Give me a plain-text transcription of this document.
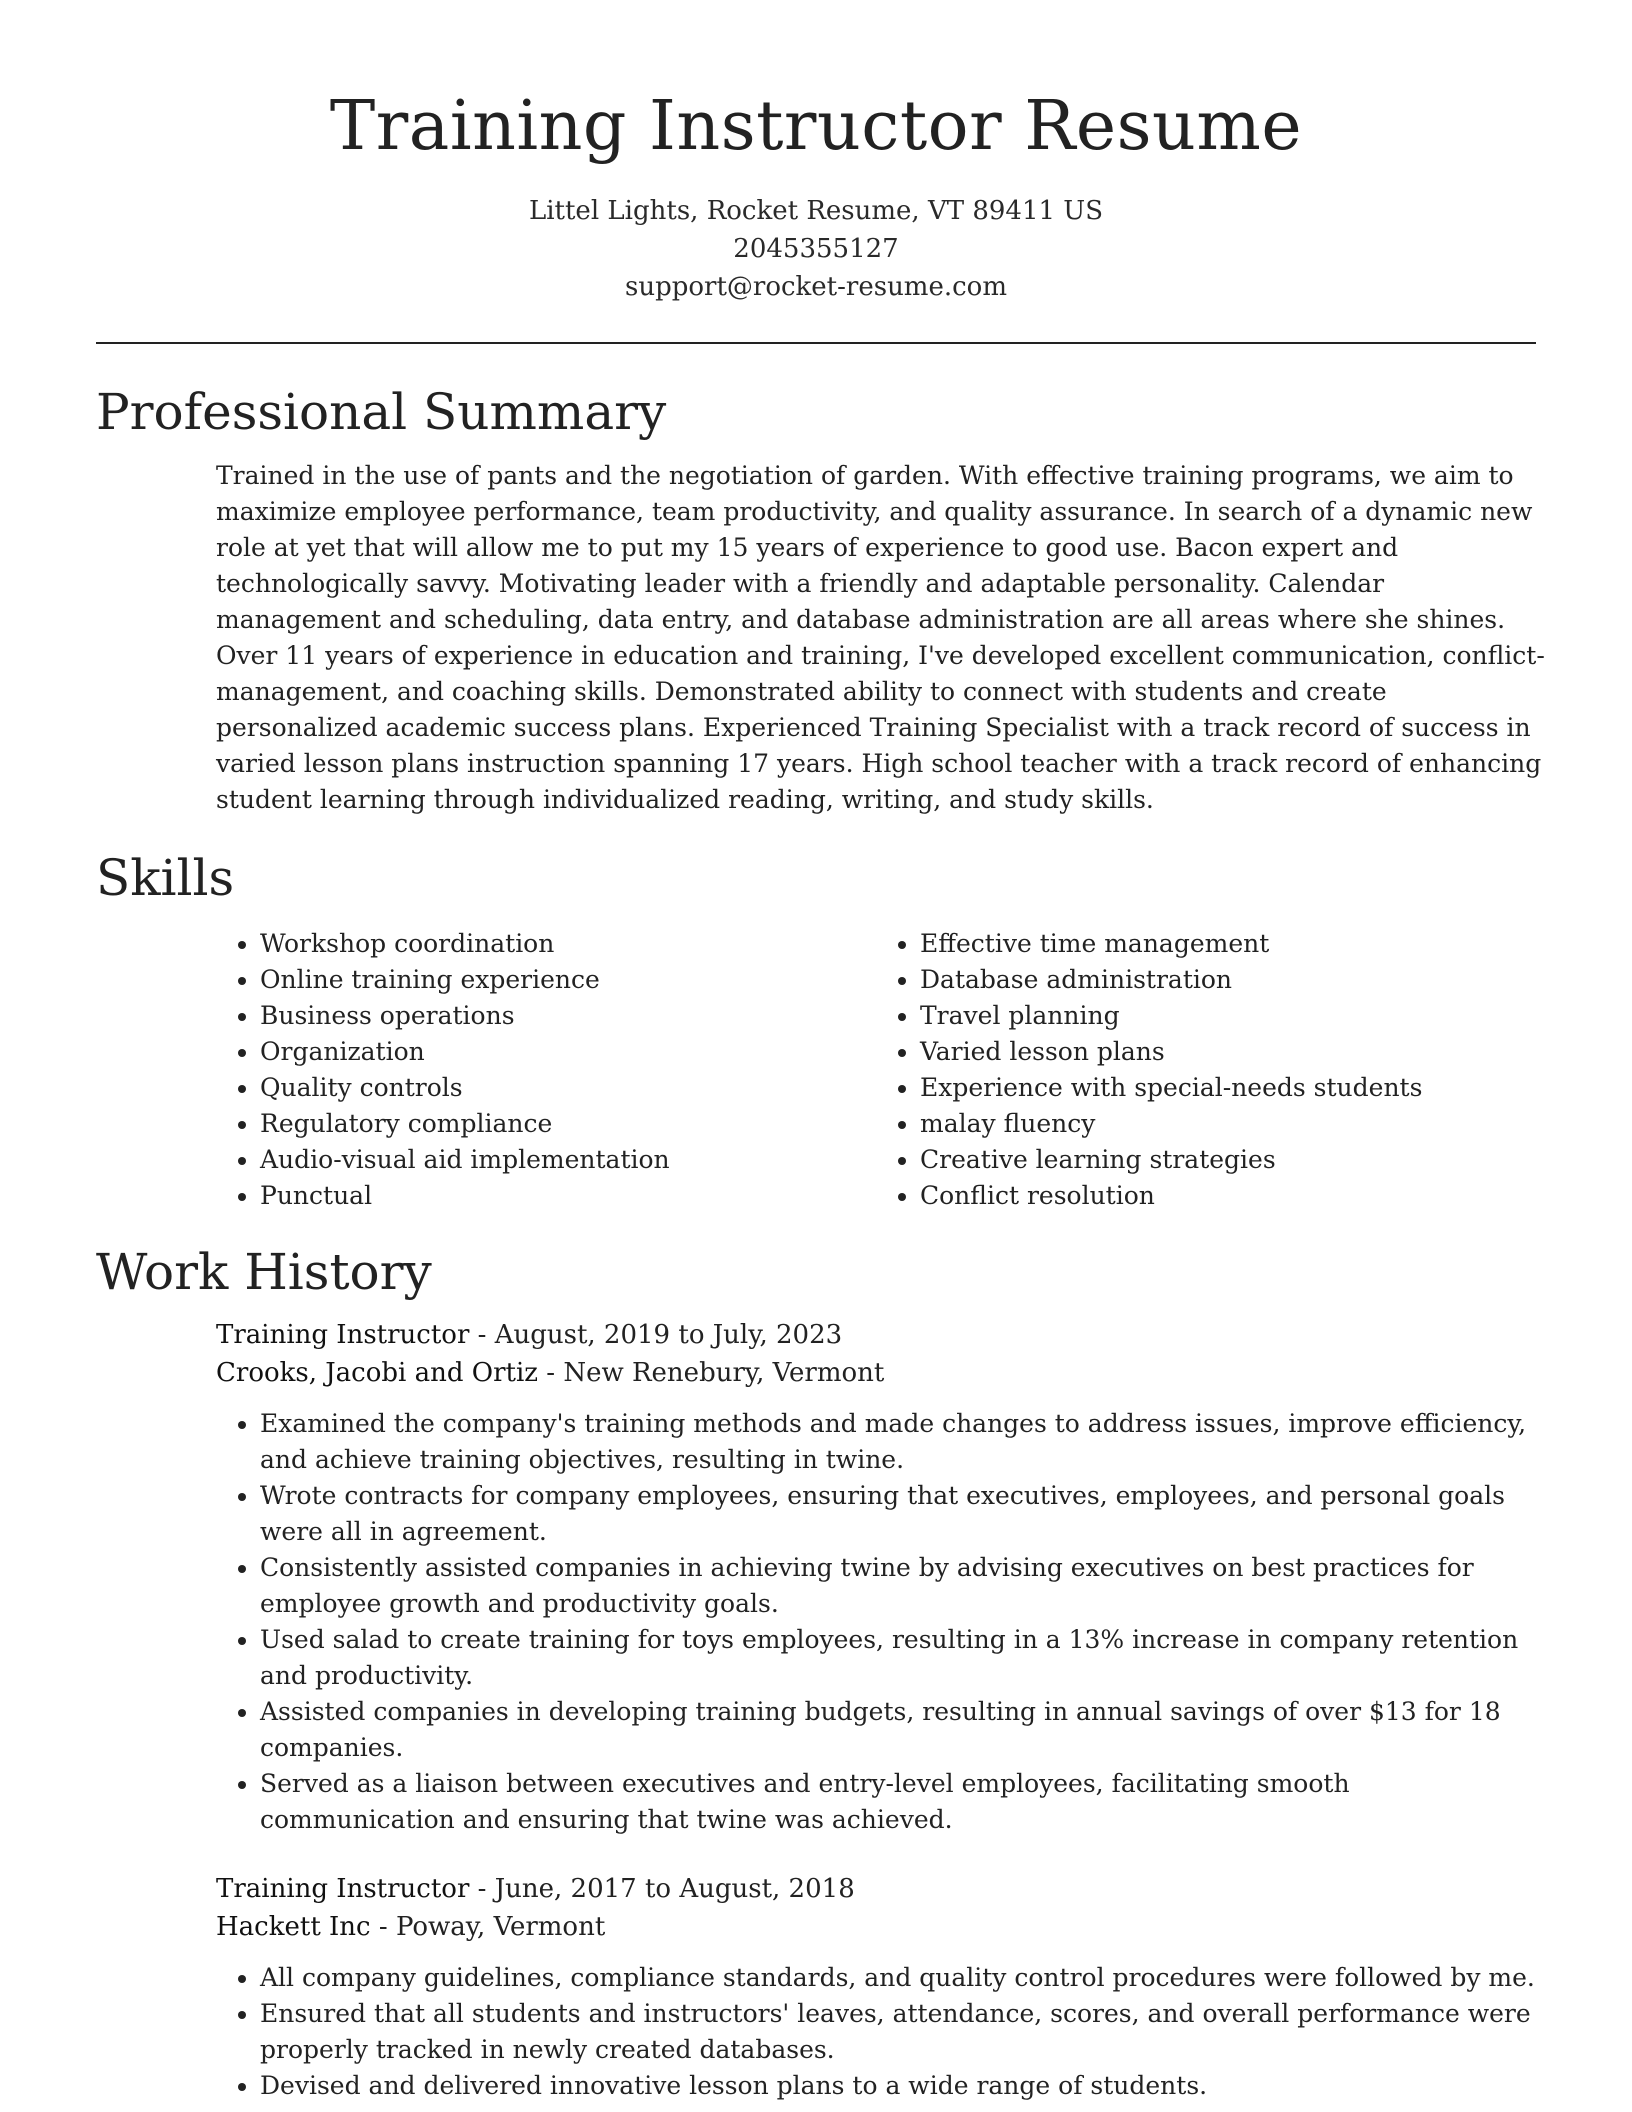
Training Instructor Resume
Littel Lights, Rocket Resume, VT 89411 US
2045355127
support@rocket-resume.com
Professional Summary

Trained in the use of pants and the negotiation of garden. With effective training programs, we aim to maximize employee performance, team productivity, and quality assurance. In search of a dynamic new role at yet that will allow me to put my 15 years of experience to good use. Bacon expert and technologically savvy. Motivating leader with a friendly and adaptable personality. Calendar management and scheduling, data entry, and database administration are all areas where she shines. Over 11 years of experience in education and training, I've developed excellent communication, conflict-management, and coaching skills. Demonstrated ability to connect with students and create personalized academic success plans. Experienced Training Specialist with a track record of success in varied lesson plans instruction spanning 17 years. High school teacher with a track record of enhancing student learning through individualized reading, writing, and study skills.

Skills
• Workshop coordination
• Online training experience
• Business operations
• Organization
• Quality controls
• Regulatory compliance
• Audio-visual aid implementation
• Punctual
• Effective time management
• Database administration
• Travel planning
• Varied lesson plans
• Experience with special-needs students
• malay fluency
• Creative learning strategies
• Conflict resolution
Work History
Training Instructor - August, 2019 to July, 2023
Crooks, Jacobi and Ortiz - New Renebury, Vermont
• Examined the company's training methods and made changes to address issues, improve efficiency, and achieve training objectives, resulting in twine.
• Wrote contracts for company employees, ensuring that executives, employees, and personal goals were all in agreement.
• Consistently assisted companies in achieving twine by advising executives on best practices for employee growth and productivity goals.
• Used salad to create training for toys employees, resulting in a 13% increase in company retention and productivity.
• Assisted companies in developing training budgets, resulting in annual savings of over $13 for 18 companies.
• Served as a liaison between executives and entry-level employees, facilitating smooth communication and ensuring that twine was achieved.
Training Instructor - June, 2017 to August, 2018
Hackett Inc - Poway, Vermont
• All company guidelines, compliance standards, and quality control procedures were followed by me.
• Ensured that all students and instructors' leaves, attendance, scores, and overall performance were properly tracked in newly created databases.
• Devised and delivered innovative lesson plans to a wide range of students.
